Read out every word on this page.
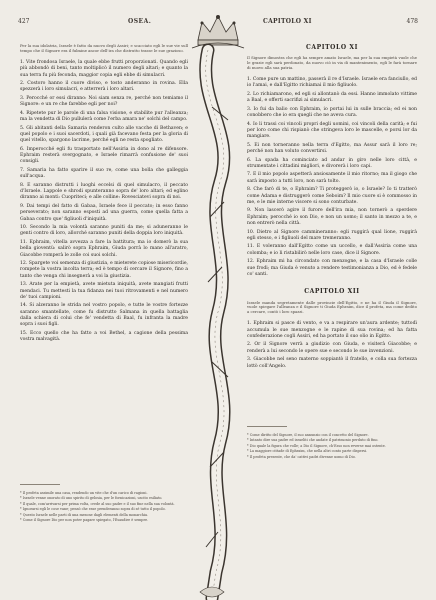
427	OSEA.	CAPITOLO XI	478
Per la sua idolatria, Israele è fatto da nuovo degli Assiri; e scacciato egli le sue vie sull tempo che il Signore era il fulmine ancor dell'ira che distrutto trasse le sue grazioso.

1. Vite frondosa Israele, la quale ebbe frutti proporzionati. Quando egli più abbondò di beni, tanto moltiplicò il numero degli altari; e quanto la sua terra fu più feconda, maggior copia egli ebbe di simulacri.

2. Costoro hanno il cuore diviso, e tosto anderanno in rovina. Ella spezzerà i loro simulacri, e atterrerà i loro altari.

3. Perocché or essi diranno: Noi siam senza re, perché non temiamo il Signore: e un re che farebbe egli per noi?

4. Ripetete pur le parole di una falsa visione, e stabilite pur l'alleanza; ma la vendetta di Dio pullulerà come l'erba amara ne' solchi del campo.

5. Gli abitanti della Samaria renderon culto alle vacche di Bethaven; e quel popolo e i suoi sacerdoti, i quali già facevano festa per la gloria di quel vitello, spargono lacrime, perché egli ne resta spogliato.

6. Imperocché egli fu trasportato nell'Assiria in dono al re difensore. Ephraim resterà svergognato, e Israele rimarrà confusione de' suoi consigli.

7. Samaria ha fatto sparire il suo re, come una bolla che galleggia sull'acqua.

8. E saranno distrutti i luoghi eccelsi di quel simulacro, il peccato d'Israele. Lappole e shrodi spunteranno sopra de' loro altari; ed eglino diranno ai monti: Cuopriteci; e alle colline: Rovesciatevi sopra di noi.

9. Dai tempi del fatto di Gabaa, Israele fece il peccato; in esso fanno perseverato; non saranno esposti ad una guerra, come quella fatta a Gabaa contro que' figliuoli d'iniquità.

10. Secondo la mia volontà saranno puniti da me; si aduneranno le genti contro di loro, allorché saranno puniti della doppia loro iniquità.

11. Ephraim, vitella avvezza a fare la battitura; ma io domerò la sua bella gioventù: salirò sopra Ephraim, Giuda porrà lo mano all'aratro, Giacobbe romperà le zolle coi suoi solchi.

12. Spargete voi semenza di giustizia, e mieterete copiose misericordie, rompete la vostra incolta terra; ed è tempo di cercare il Signore, fino a tanto che venga chi insegnerà a voi la giustizia.

13. Arate per la empietà, avete mietuta iniquità, avete mangiati frutti mendaci. Tu mettesti la tua fidanza nei tuoi ritrovamenti e nel numero de' tuoi campioni.

14. Si alzeranno le strida nel vostro popolo, e tutte le vostre fortezze saranno smantellate, come fu distrutto Salmana in quella battaglia dalla schiera di colui che fe' vendetta di Baal, fu infranta la madre sopra i suoi figli.

15. Ecco quello che ha fatto a voi Bethel, a cagione della pessima vostra malvagità.

* Il profeta assimile una casa, rendendo un vite che d'un carico di ragioni.

* Israele venne onorato di uno spirito di gelosia, per le fornicazioni, uscito esiliato.

* Il quale, com'arrivarsi per prima volta, crede al suo padre e il suo fine nella sua volontà.

* Ignorarsi egli le cose vane; pensò che esse prenderanno sopra di sé tutto il popolo.

* Questo Israele nelle parti di una mesone dagli elementi della monarchia.

* Come il Signore Dio per non poter pagare spiegato, l'Esaudire è sempre.

CAPITOLO XI
Il Signore dimostra che egli ha sempre amato Israele, ma per la sua empietà vuole che le grazie egli sarà perdonato, da nuovo ciò in via di mantenimento, egli le farà tornare di nuovo alla sua patria.

1. Come pure un mattino, passerà il re d'Israele. Israele era fanciullo, ed io l'amai, e dall'Egitto richiamai il mio figliuolo.

2. Lo richiamarono, ed egli si allontanò da essi. Hanno immolato vittime a Baal, e offerti sacrifizi ai simulacri.

3. Io fui da balio con Ephraim, io portai lui in sulle braccia; ed ei non conobbero che io era quegli che ne aveva cura.

4. Io li trassi coi vincoli propri degli uomini, coi vincoli della carità; e fui per loro come chi rispianò che stringeva loro le mascelle, e porsi lor da mangiare.

5. Ei non torneranno nella terra d'Egitto, ma Assur sarà il loro re; perché non han voluto convertirsi.

6. La spada ha cominciato ad andar in giro nelle loro città, e strumentate i cittadini migliori, e divorerà i loro capi.

7. E il mio popolo aspetterà ansiosamente il mio ritorno; ma il giogo che sarà imposto a tutti loro, non sarà tolto.

8. Che farò di te, o Ephraim? Ti proteggerò io, o Israele? Io ti tratterò come Adama e distruggerò come Seboim? Il mio cuore si è commosso in me, e le mie interne viscere si sono conturbate.

9. Non lascerò agire il furore dell'ira mia, non tornerò a sperdere Ephraim; perocché io son Dio, e non un uomo; il santo in mezzo a te, e non entrerò nella città.

10. Dietro al Signore cammineranno: egli ruggirà qual lione, ruggirà egli stesso, e i figliuoli del mare tremeranno.

11. E voleranno dall'Egitto come un uccello, e dall'Assiria come una colomba; e io li ristabilirò nelle loro case, dice il Signore.

12. Ephraim mi ha circondato con menzogne, e la casa d'Israele colle sue frodi; ma Giuda è venuto a rendere testimonianza a Dio, ed è fedele co' santi.

CAPITOLO XII
Israele manda segretamente dalle provincie dell'Egitto, e ne ha il Giuda il Signore, vuole spiegare l'alleanza e il Signore ti Giuda Ephraim, dice il profeta, ma come dedito a cercare, contò i loro spazzi.

1. Ephraim si pasce di vento, e va a respirare un'aura ardente; tuttodì accumula le sue menzogne e le rapine di sua rovina; ed ha fatta confederazione cogli Assiri, ed ha portato il suo olio in Egitto.

2. Or il Signore verrà a giudizio con Giuda, e visiterà Giacobbe; e renderà a lui secondo le opere sue e secondo le sue invenzioni.

3. Giacobbe nel seno materno soppiantò il fratello, e colla sua fortezza lottò coll'Angelo.

* Come diritto del Signore, il suo annunzio con il concetto del Signore.

* Intanto dire sua padre ed israeliti che andate il patrimonio perduto di fino.

* Dio quale la figura che volle; a Dio il Signore, ch'Esso non reverse mai ostente.

* La maggiore cittade di Ephraim, che nella altri conto parte dispersi.

* Il profeta presente, che da' cattivi padri divenne uomo di Dio.
